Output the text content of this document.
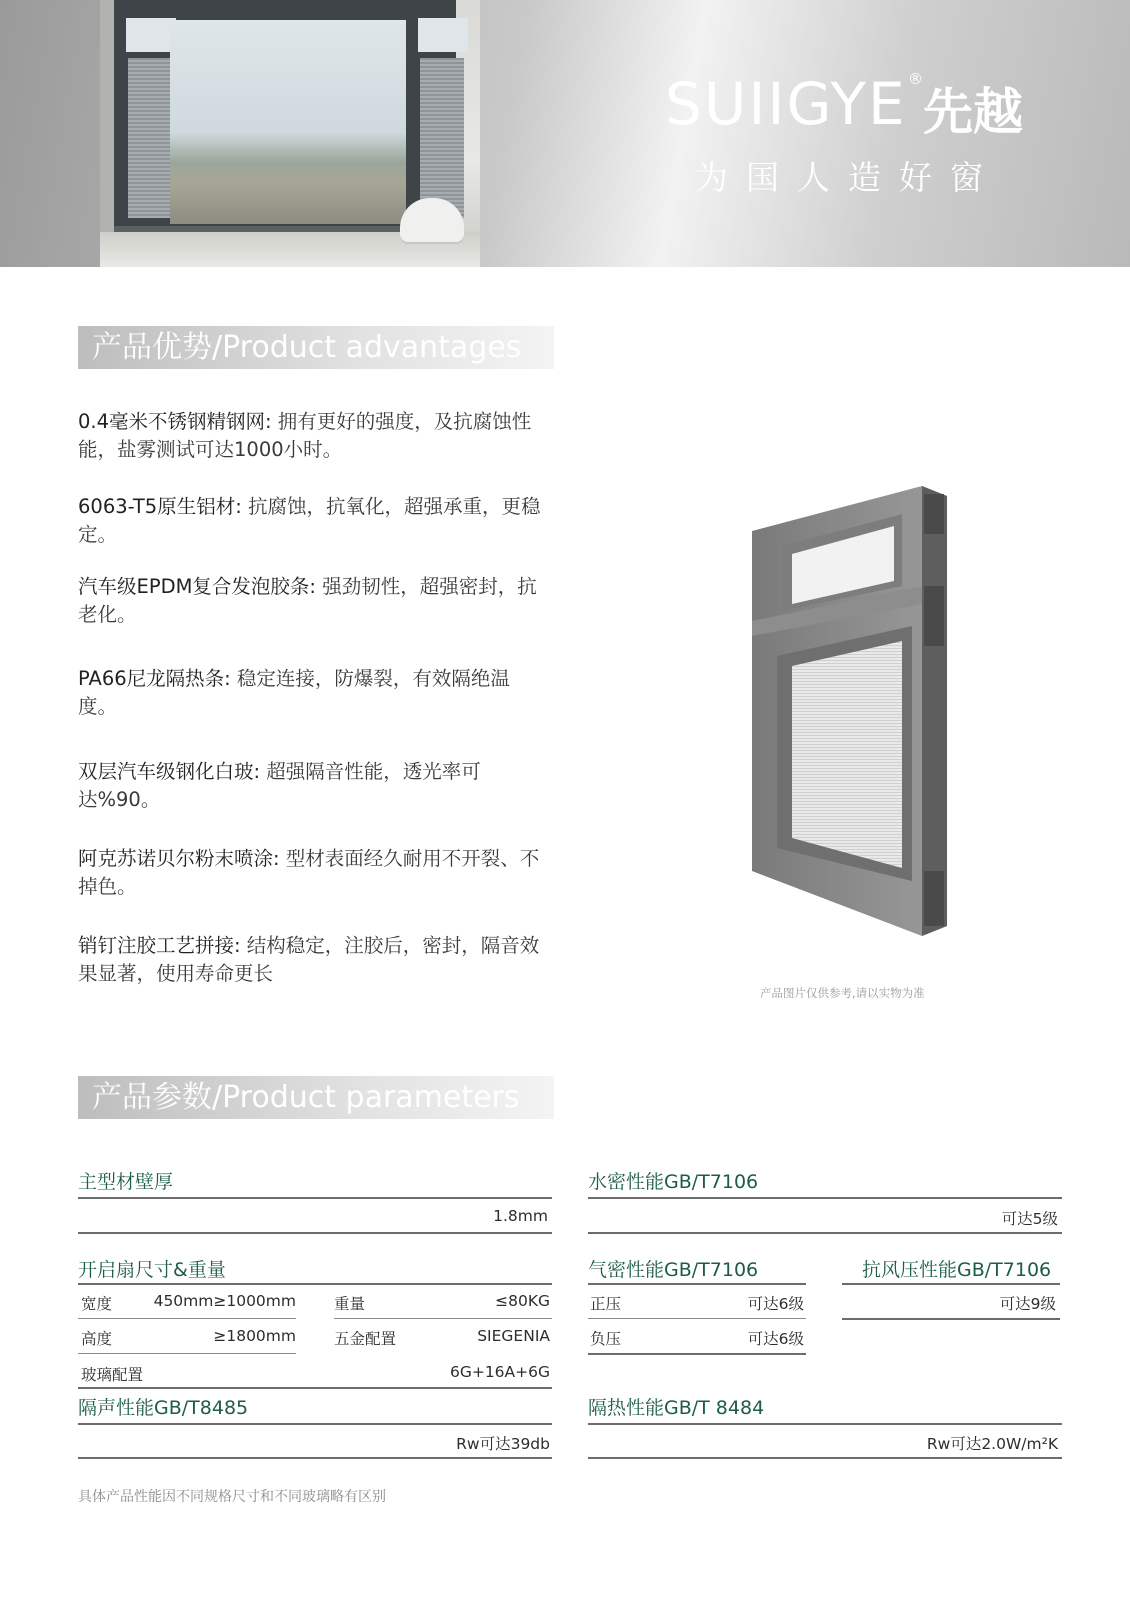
SUIIGYE ®
先越
为国人造好窗
产品优势/Product advantages
0.4毫米不锈钢精钢网: 拥有更好的强度，及抗腐蚀性能，盐雾测试可达1000小时。
6063-T5原生铝材: 抗腐蚀，抗氧化，超强承重，更稳定。
汽车级EPDM复合发泡胶条: 强劲韧性，超强密封，抗老化。
PA66尼龙隔热条: 稳定连接，防爆裂，有效隔绝温度。
双层汽车级钢化白玻: 超强隔音性能，透光率可达%90。
阿克苏诺贝尔粉末喷涂: 型材表面经久耐用不开裂、不掉色。
销钉注胶工艺拼接: 结构稳定，注胶后，密封，隔音效果显著，使用寿命更长
产品图片仅供参考,请以实物为准
产品参数/Product parameters
主型材壁厚
1.8mm
开启扇尺寸&重量
宽度	450mm≥1000mm 重量	≤80KG
高度	≥1800mm 五金配置	SIEGENIA
玻璃配置	6G+16A+6G
隔声性能GB/T8485
Rw可达39db
水密性能GB/T7106
可达5级
气密性能GB/T7106
正压	可达6级
负压	可达6级
抗风压性能GB/T7106
可达9级
隔热性能GB/T 8484
Rw可达2.0W/m²K
具体产品性能因不同规格尺寸和不同玻璃略有区别
